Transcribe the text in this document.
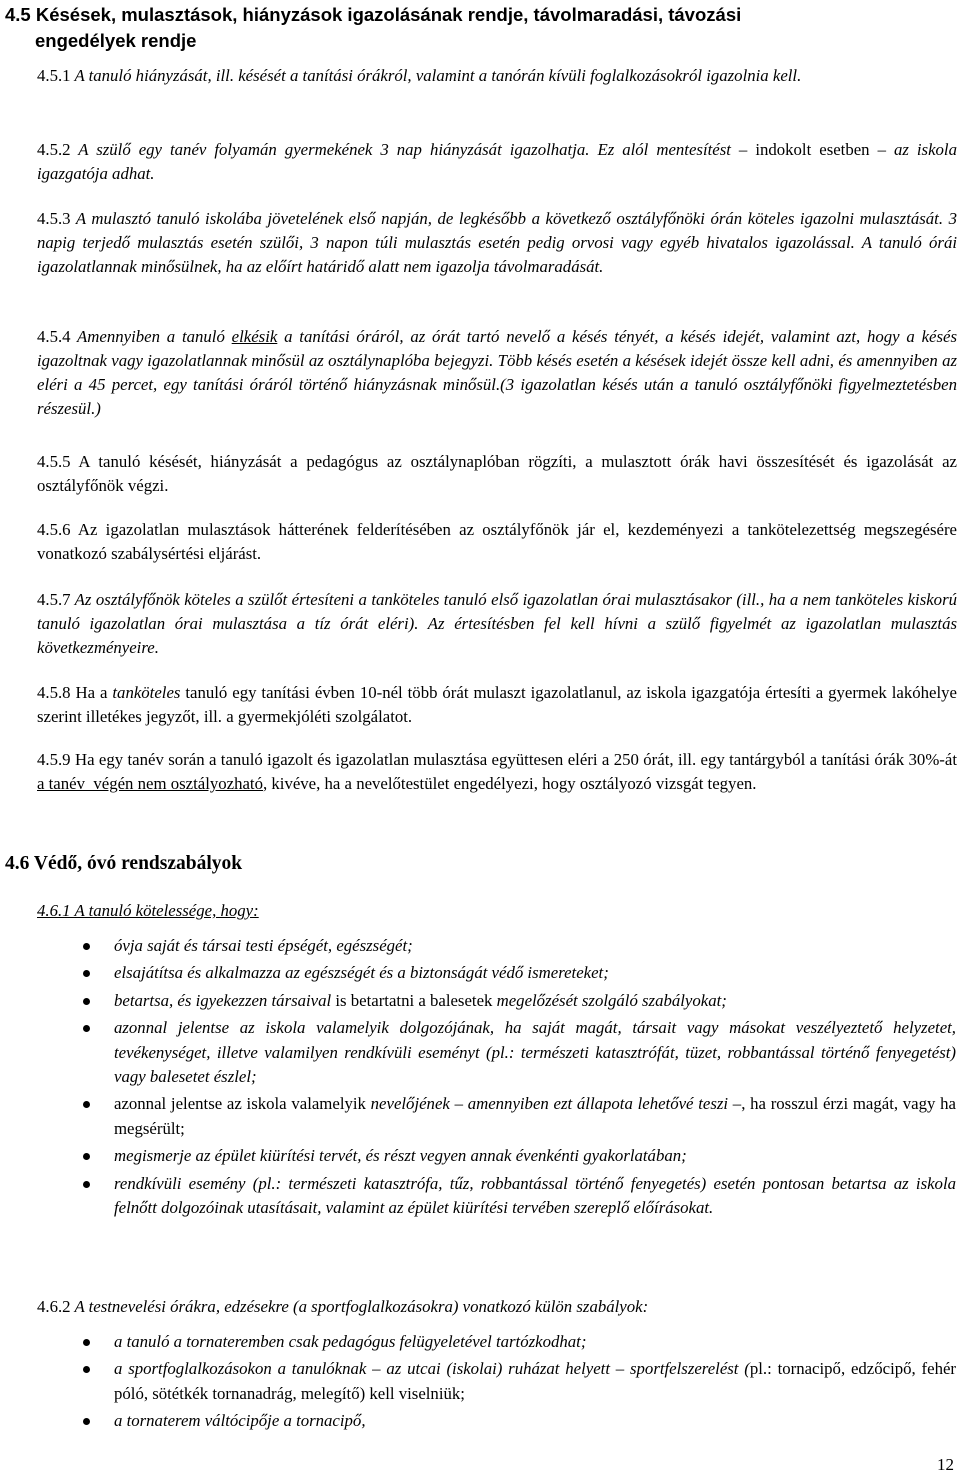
4.5 Késések, mulasztások, hiányzások igazolásának rendje, távolmaradási, távozási
engedélyek rendje
4.5.1 A tanuló hiányzását, ill. késését a tanítási órákról, valamint a tanórán kívüli foglalkozásokról igazolnia kell.
4.5.2 A szülő egy tanév folyamán gyermekének 3 nap hiányzását igazolhatja. Ez alól mentesítést – indokolt esetben – az iskola igazgatója adhat.
4.5.3 A mulasztó tanuló iskolába jövetelének első napján, de legkésőbb a következő osztályfőnöki órán köteles igazolni mulasztását. 3 napig terjedő mulasztás esetén szülői, 3 napon túli mulasztás esetén pedig orvosi vagy egyéb hivatalos igazolással. A tanuló órái igazolatlannak minősülnek, ha az előírt határidő alatt nem igazolja távolmaradását.
4.5.4 Amennyiben a tanuló elkésik a tanítási óráról, az órát tartó nevelő a késés tényét, a késés idejét, valamint azt, hogy a késés igazoltnak vagy igazolatlannak minősül az osztálynaplóba bejegyzi. Több késés esetén a késések idejét össze kell adni, és amennyiben az eléri a 45 percet, egy tanítási óráról történő hiányzásnak minősül.(3 igazolatlan késés után a tanuló osztályfőnöki figyelmeztetésben részesül.)
4.5.5 A tanuló késését, hiányzását a pedagógus az osztálynaplóban rögzíti, a mulasztott órák havi összesítését és igazolását az osztályfőnök végzi.
4.5.6 Az igazolatlan mulasztások hátterének felderítésében az osztályfőnök jár el, kezdeményezi a tankötelezettség megszegésére vonatkozó szabálysértési eljárást.
4.5.7 Az osztályfőnök köteles a szülőt értesíteni a tanköteles tanuló első igazolatlan órai mulasztásakor (ill., ha a nem tanköteles kiskorú tanuló igazolatlan órai mulasztása a tíz órát eléri). Az értesítésben fel kell hívni a szülő figyelmét az igazolatlan mulasztás következményeire.
4.5.8 Ha a tanköteles tanuló egy tanítási évben 10-nél több órát mulaszt igazolatlanul, az iskola igazgatója értesíti a gyermek lakóhelye szerint illetékes jegyzőt, ill. a gyermekjóléti szolgálatot.
4.5.9 Ha egy tanév során a tanuló igazolt és igazolatlan mulasztása együttesen eléri a 250 órát, ill. egy tantárgyból a tanítási órák 30%-át a tanév  végén nem osztályozható, kivéve, ha a nevelőtestület engedélyezi, hogy osztályozó vizsgát tegyen.
4.6 Védő, óvó rendszabályok
4.6.1 A tanuló kötelessége, hogy:
óvja saját és társai testi épségét, egészségét;
elsajátítsa és alkalmazza az egészségét és a biztonságát védő ismereteket;
betartsa, és igyekezzen társaival is betartatni a balesetek megelőzését szolgáló szabályokat;
azonnal jelentse az iskola valamelyik dolgozójának, ha saját magát, társait vagy másokat veszélyeztető helyzetet, tevékenységet, illetve valamilyen rendkívüli eseményt (pl.: természeti katasztrófát, tüzet, robbantással történő fenyegetést) vagy balesetet észlel;
azonnal jelentse az iskola valamelyik nevelőjének – amennyiben ezt állapota lehetővé teszi –, ha rosszul érzi magát, vagy ha megsérült;
megismerje az épület kiürítési tervét, és részt vegyen annak évenkénti gyakorlatában;
rendkívüli esemény (pl.: természeti katasztrófa, tűz, robbantással történő fenyegetés) esetén pontosan betartsa az iskola felnőtt dolgozóinak utasításait, valamint az épület kiürítési tervében szereplő előírásokat.
4.6.2 A testnevelési órákra, edzésekre (a sportfoglalkozásokra) vonatkozó külön szabályok:
a tanuló a tornateremben csak pedagógus felügyeletével tartózkodhat;
a sportfoglalkozásokon a tanulóknak – az utcai (iskolai) ruházat helyett – sportfelszerelést (pl.: tornacipő, edzőcipő, fehér póló, sötétkék tornanadrág, melegítő) kell viselniük;
a tornaterem váltócipője a tornacipő,
12
